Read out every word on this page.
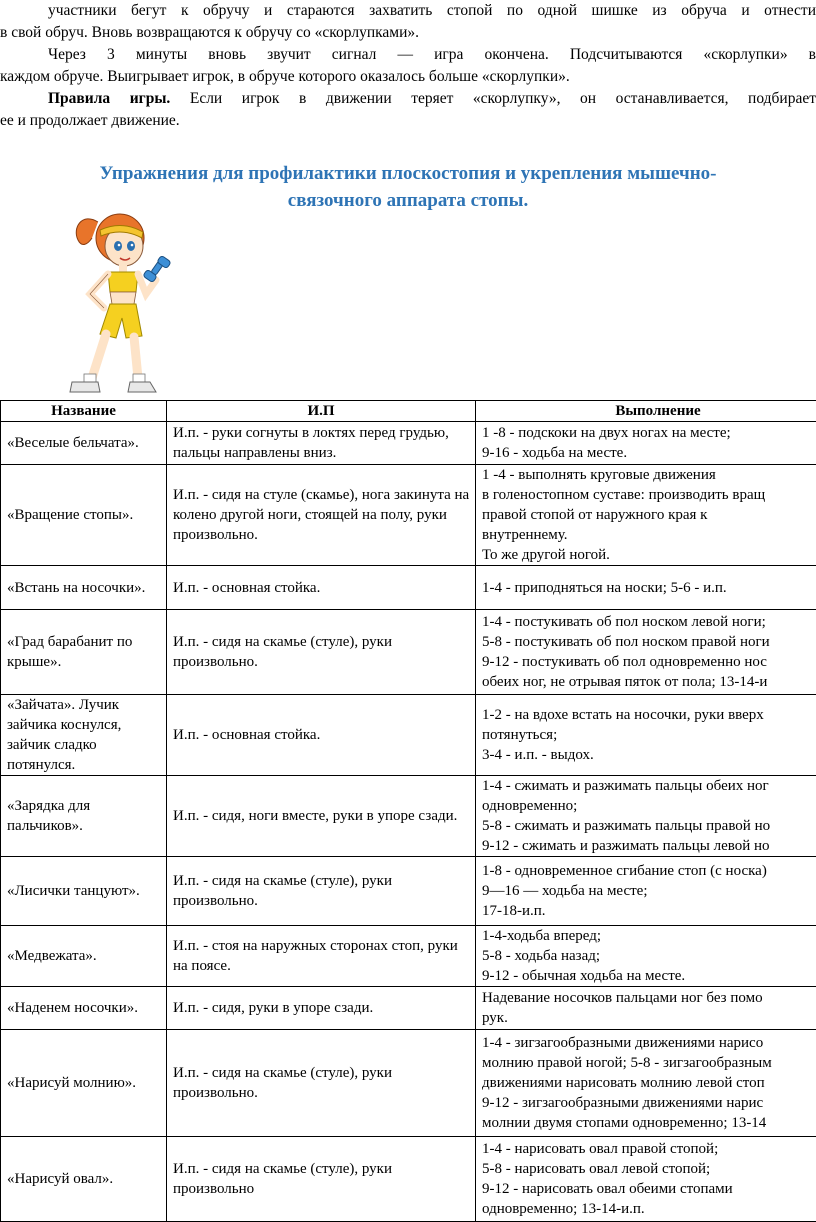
участники бегут к обручу и стараются захватить стопой по одной шишке из обруча и отнести
в свой обруч. Вновь возвращаются к обручу со «скорлупками».
Через 3 минуты вновь звучит сигнал — игра окончена. Подсчитываются «скорлупки» в
каждом обруче. Выигрывает игрок, в обруче которого оказалось больше «скорлупки».
Правила игры. Если игрок в движении теряет «скорлупку», он останавливается, подбирает
ее и продолжает движение.
Упражнения для профилактики плоскостопия и укрепления мышечно-
связочного аппарата стопы.
Название	И.П	Выполнение
«Веселые бельчата».	И.п. - руки согнуты в локтях перед грудью, пальцы направлены вниз.	1 -8 - подскоки на двух ногах на месте;
9-16 - ходьба на месте.

«Вращение стопы».	И.п. - сидя на стуле (скамье), нога закинута на колено другой ноги, стоящей на полу, руки произвольно.	1 -4 - выполнять круговые движения
в голеностопном суставе: производить вращ
правой стопой от наружного края к
внутреннему.
То же другой ногой.

«Встань на носочки».	И.п. - основная стойка.	1-4 - приподняться на носки; 5-6 - и.п.

«Град барабанит по крыше».	И.п. - сидя на скамье (стуле), руки произвольно.	1-4 - постукивать об пол носком левой ноги;
5-8 - постукивать об пол носком правой ноги
9-12 - постукивать об пол одновременно нос
обеих ног, не отрывая пяток от пола; 13-14-и

«Зайчата». Лучик зайчика коснулся, зайчик сладко потянулся.	И.п. - основная стойка.	1-2 - на вдохе встать на носочки, руки вверх
потянуться;
3-4 - и.п. - выдох.

«Зарядка для пальчиков».	И.п. - сидя, ноги вместе, руки в упоре сзади.	1-4 - сжимать и разжимать пальцы обеих ног
одновременно;
5-8 - сжимать и разжимать пальцы правой но
9-12 - сжимать и разжимать пальцы левой но

«Лисички танцуют».	И.п. - сидя на скамье (стуле), руки произвольно.	1-8 - одновременное сгибание стоп (с носка)
9—16 — ходьба на месте;
17-18-и.п.

«Медвежата».	И.п. - стоя на наружных сторонах стоп, руки на поясе.	1-4-ходьба вперед;
5-8 - ходьба назад;
9-12 - обычная ходьба на месте.

«Наденем носочки».	И.п. - сидя, руки в упоре сзади.	Надевание носочков пальцами ног без помо
рук.

«Нарисуй молнию».	И.п. - сидя на скамье (стуле), руки произвольно.	1-4 - зигзагообразными движениями нарисо
молнию правой ногой; 5-8 - зигзагообразным
движениями нарисовать молнию левой стоп
9-12 - зигзагообразными движениями нарис
молнии двумя стопами одновременно; 13-14

«Нарисуй овал».	И.п. - сидя на скамье (стуле), руки произвольно	1-4 - нарисовать овал правой стопой;
5-8 - нарисовать овал левой стопой;
9-12 - нарисовать овал обеими стопами
одновременно; 13-14-и.п.
